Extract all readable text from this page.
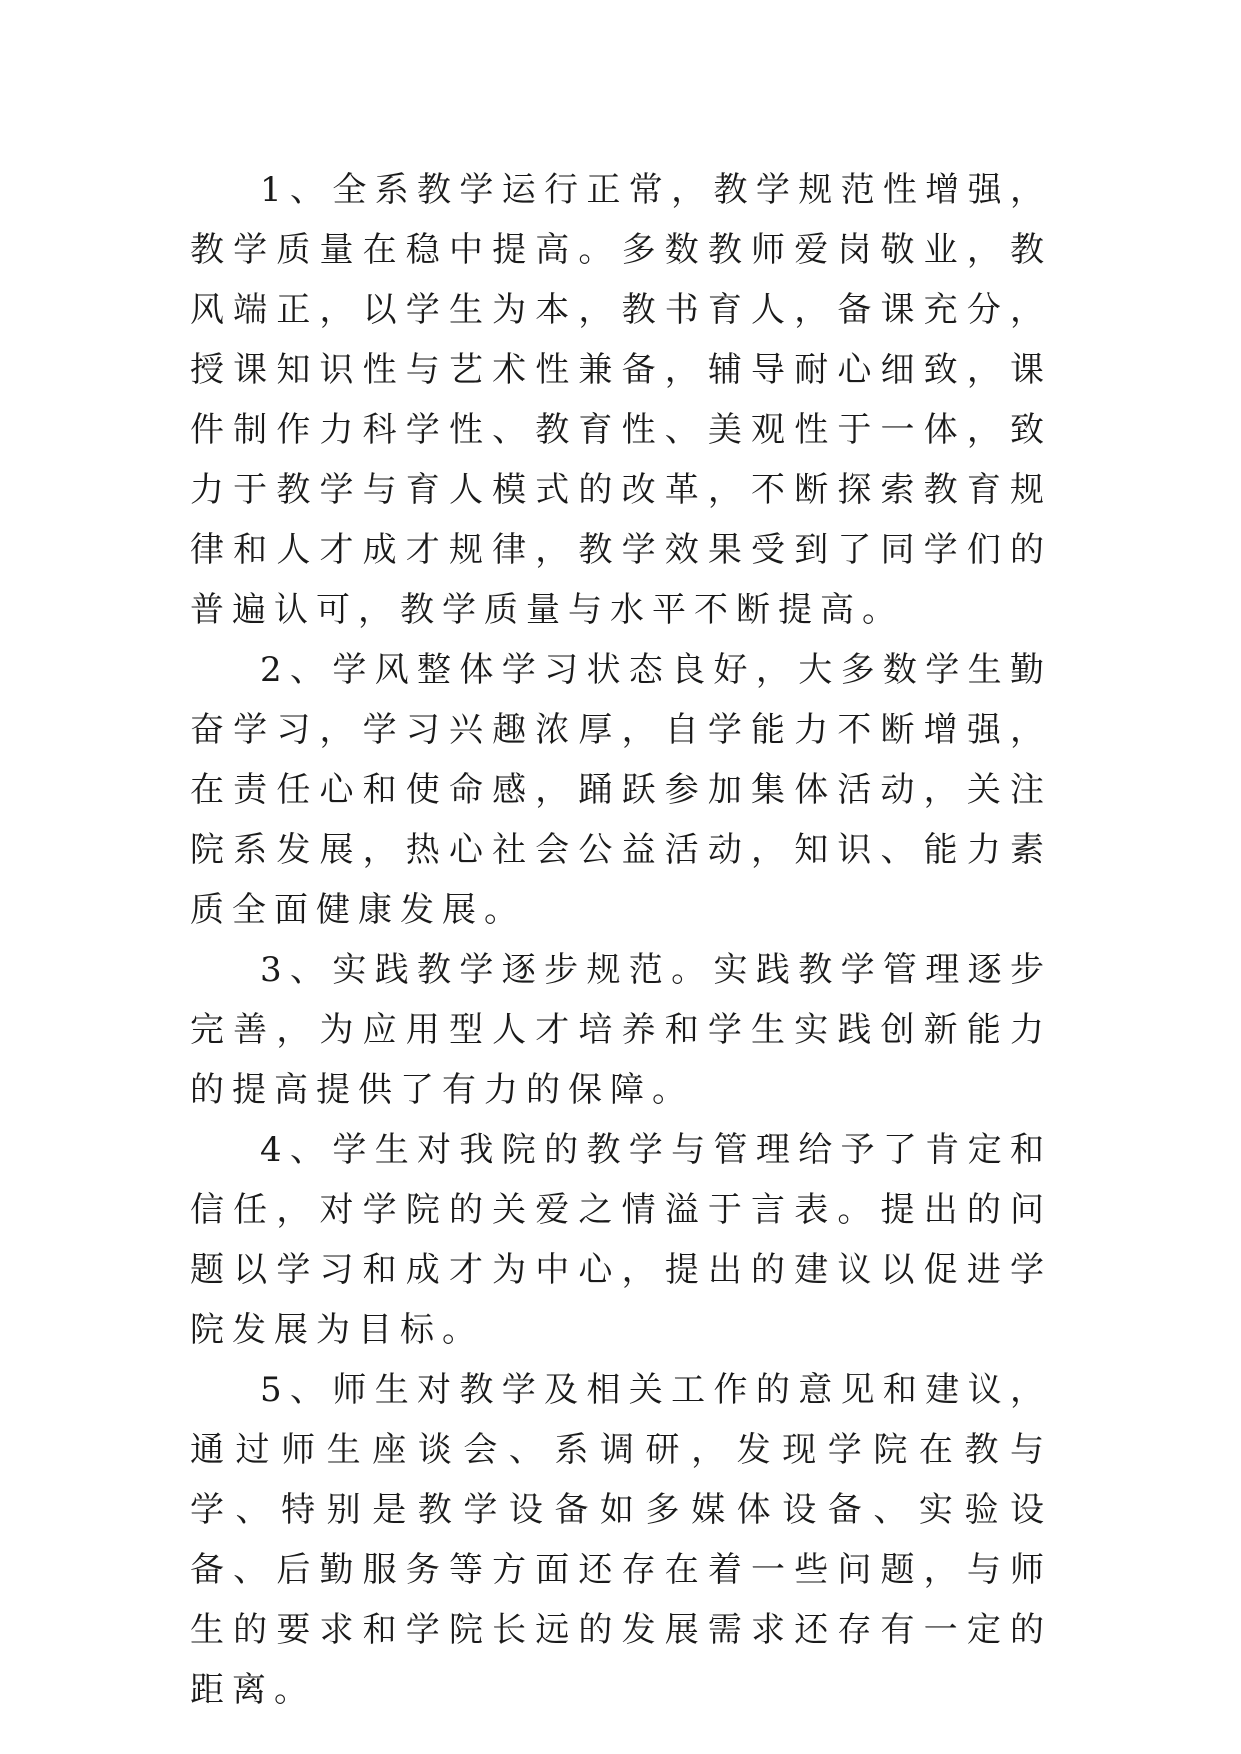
1、全系教学运行正常，教学规范性增强，教学质量在稳中提高。多数教师爱岗敬业，教风端正，以学生为本，教书育人，备课充分，授课知识性与艺术性兼备，辅导耐心细致，课件制作力科学性、教育性、美观性于一体，致力于教学与育人模式的改革，不断探索教育规律和人才成才规律，教学效果受到了同学们的普遍认可，教学质量与水平不断提高。

2、学风整体学习状态良好，大多数学生勤奋学习，学习兴趣浓厚，自学能力不断增强，在责任心和使命感，踊跃参加集体活动，关注院系发展，热心社会公益活动，知识、能力素质全面健康发展。

3、实践教学逐步规范。实践教学管理逐步完善，为应用型人才培养和学生实践创新能力的提高提供了有力的保障。

4、学生对我院的教学与管理给予了肯定和信任，对学院的关爱之情溢于言表。提出的问题以学习和成才为中心，提出的建议以促进学院发展为目标。

5、师生对教学及相关工作的意见和建议，通过师生座谈会、系调研，发现学院在教与学、特别是教学设备如多媒体设备、实验设备、后勤服务等方面还存在着一些问题，与师生的要求和学院长远的发展需求还存有一定的距离。
